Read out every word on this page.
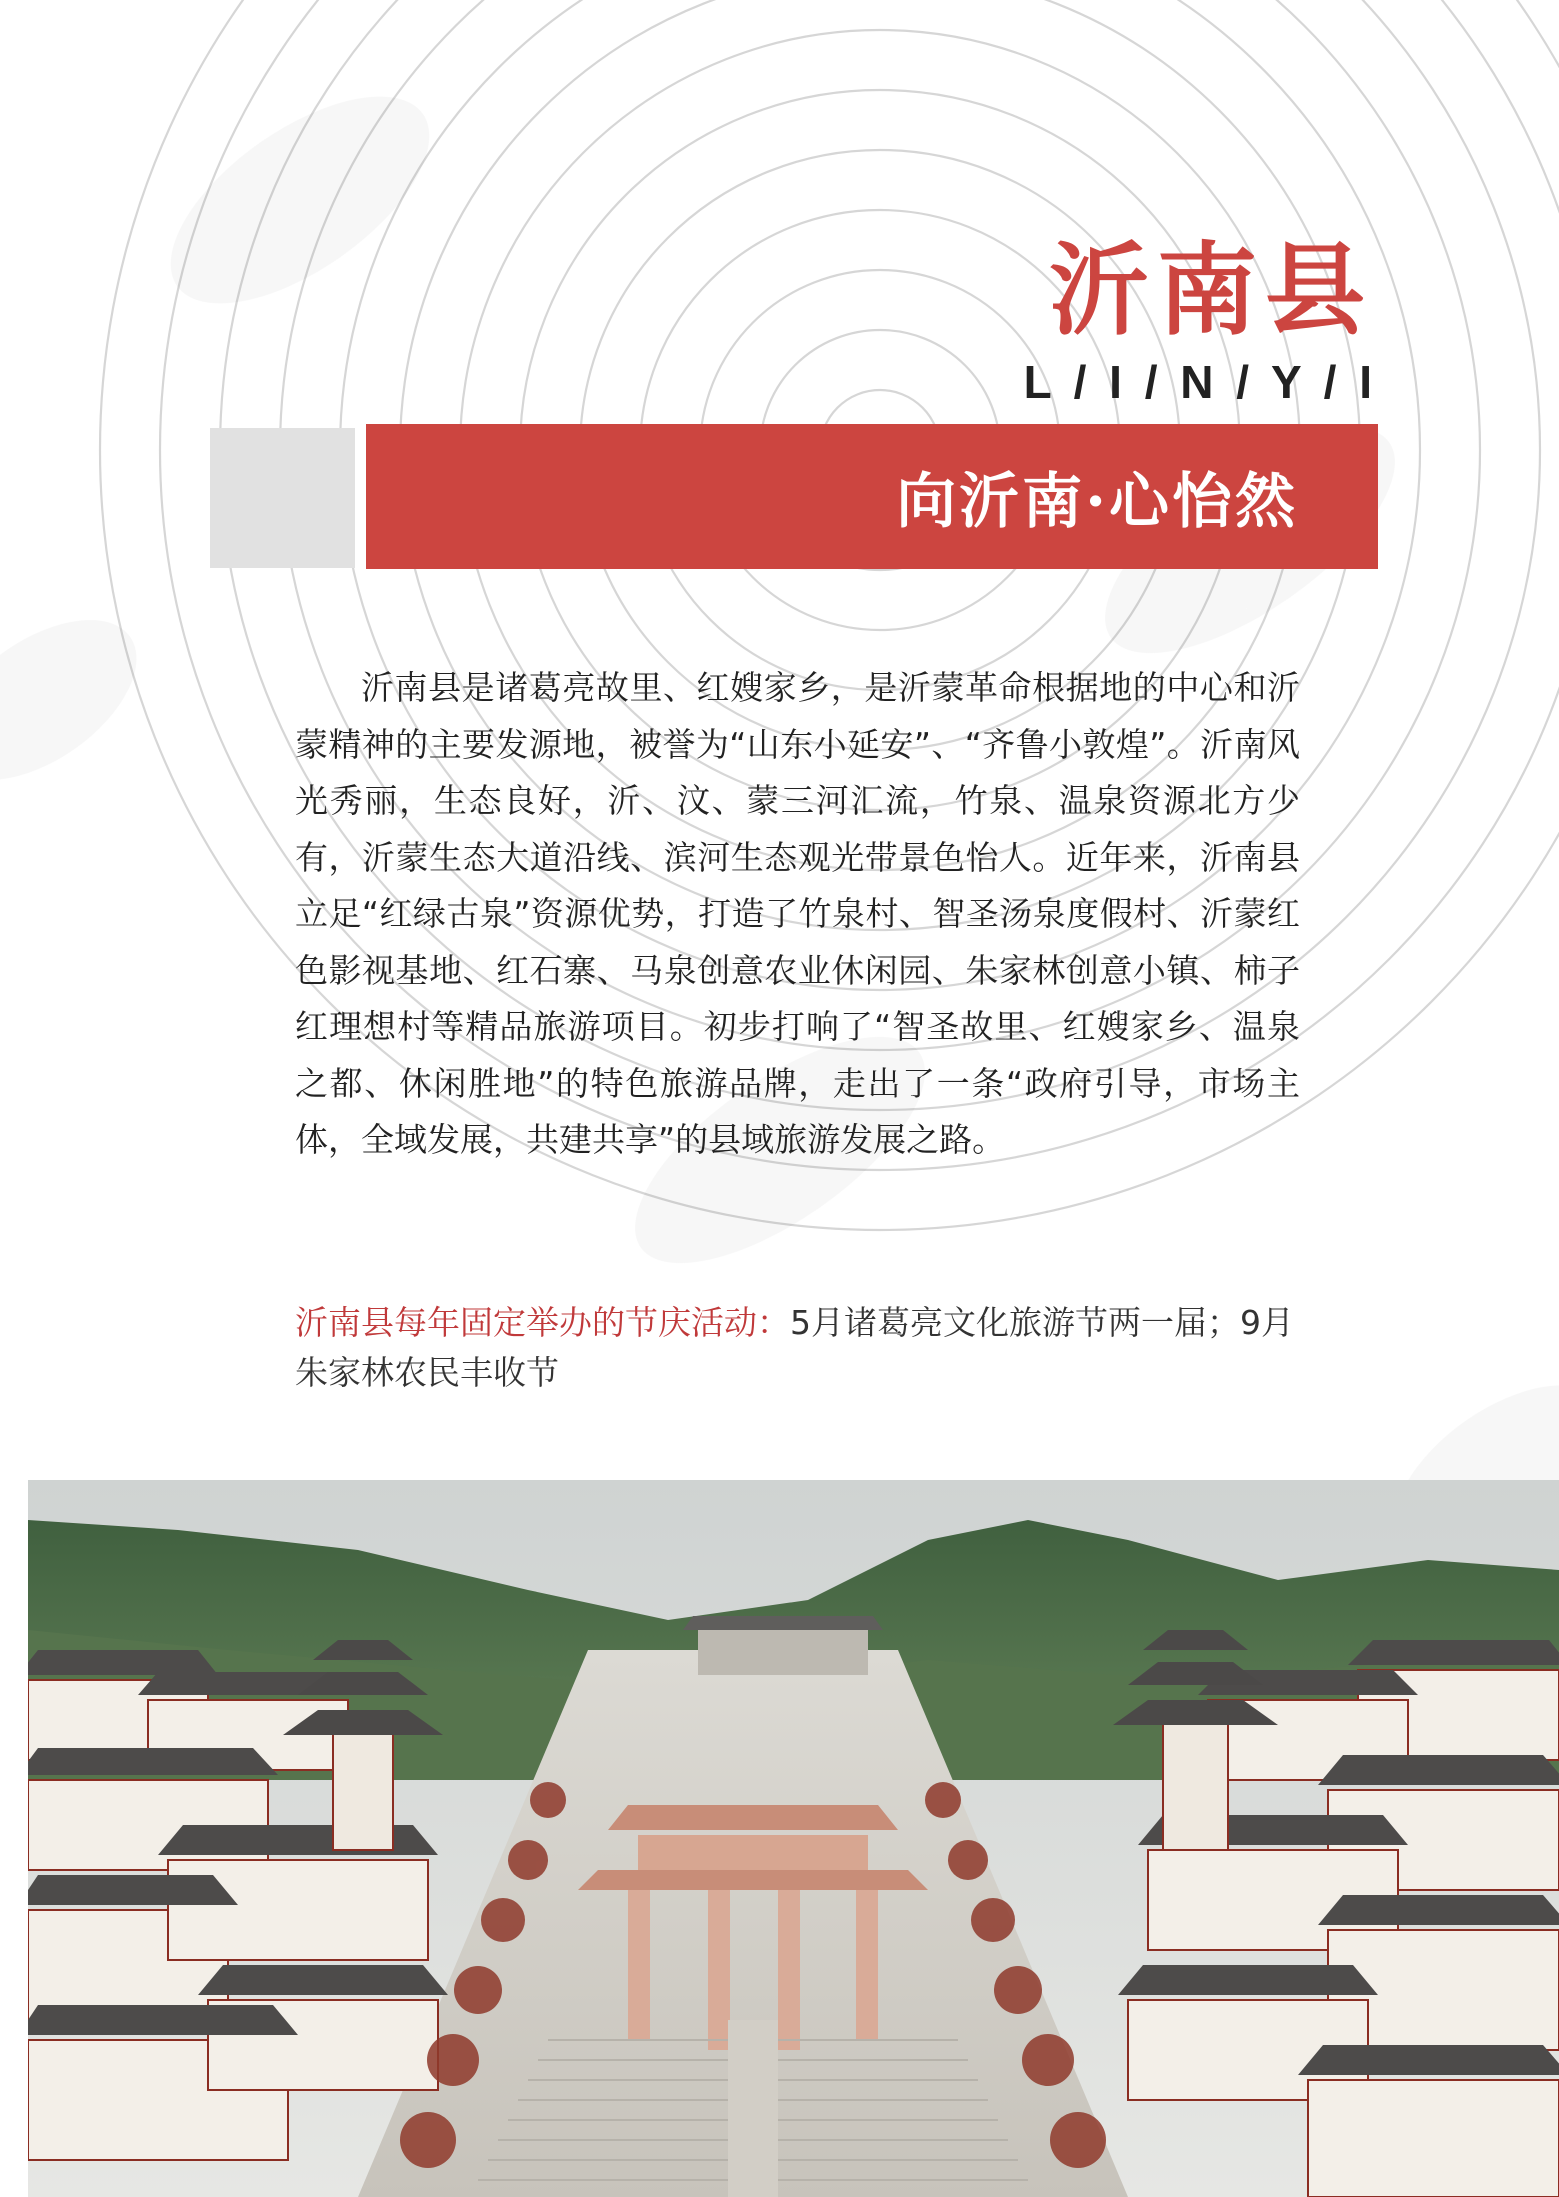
沂南县
L / I / N / Y / I
向沂南·心怡然

沂南县是诸葛亮故里、红嫂家乡，是沂蒙革命根据地的中心和沂蒙精神的主要发源地，被誉为“山东小延安”、“齐鲁小敦煌”。沂南风光秀丽，生态良好，沂、汶、蒙三河汇流，竹泉、温泉资源北方少有，沂蒙生态大道沿线、滨河生态观光带景色怡人。近年来，沂南县立足“红绿古泉”资源优势，打造了竹泉村、智圣汤泉度假村、沂蒙红色影视基地、红石寨、马泉创意农业休闲园、朱家林创意小镇、柿子红理想村等精品旅游项目。初步打响了“智圣故里、红嫂家乡、温泉之都、休闲胜地”的特色旅游品牌，走出了一条“政府引导，市场主体，全域发展，共建共享”的县域旅游发展之路。

沂南县每年固定举办的节庆活动：5月诸葛亮文化旅游节两一届；9月朱家林农民丰收节
